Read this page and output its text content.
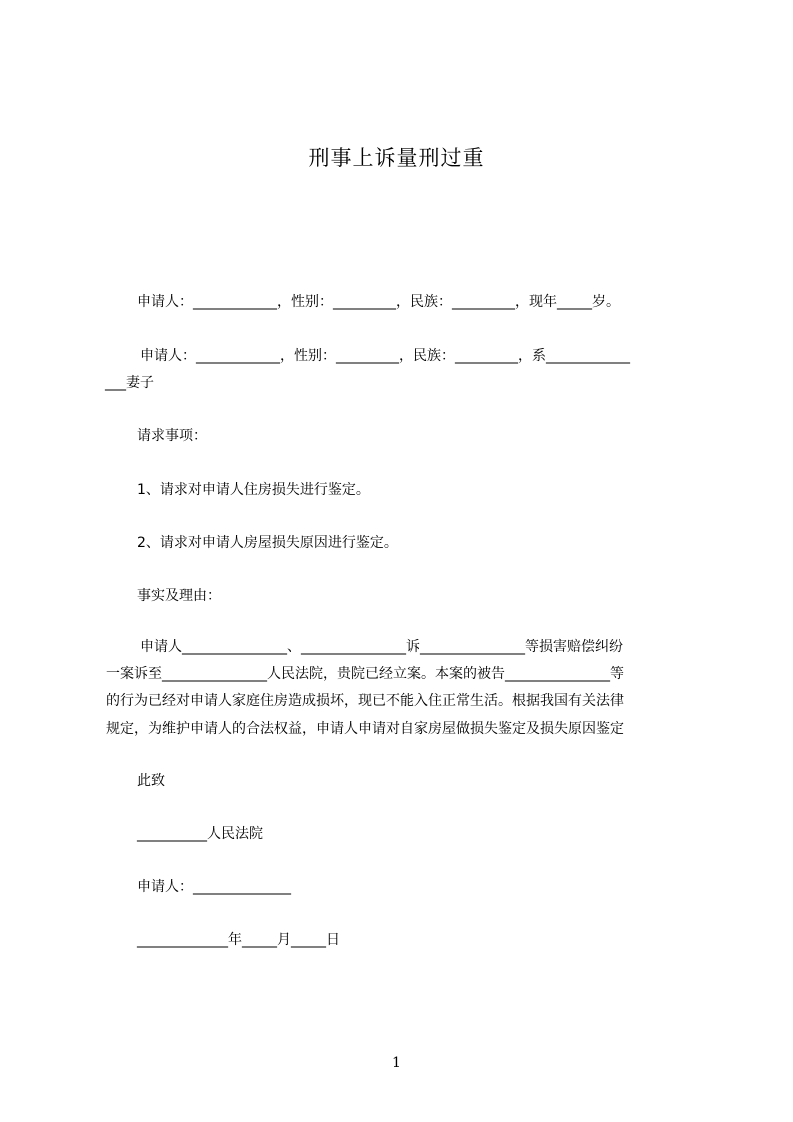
刑事上诉量刑过重
申请人：____________，性别：_________，民族：_________，现年_____岁。
申请人：____________，性别：_________，民族：_________，系____________
___妻子
请求事项：
1、请求对申请人住房损失进行鉴定。
2、请求对申请人房屋损失原因进行鉴定。
事实及理由：
申请人_______________、_______________诉_______________等损害赔偿纠纷
一案诉至_______________人民法院，贵院已经立案。本案的被告_______________等
的行为已经对申请人家庭住房造成损坏，现已不能入住正常生活。根据我国有关法律
规定，为维护申请人的合法权益，申请人申请对自家房屋做损失鉴定及损失原因鉴定
此致
__________人民法院
申请人：______________
_____________年_____月_____日
1
